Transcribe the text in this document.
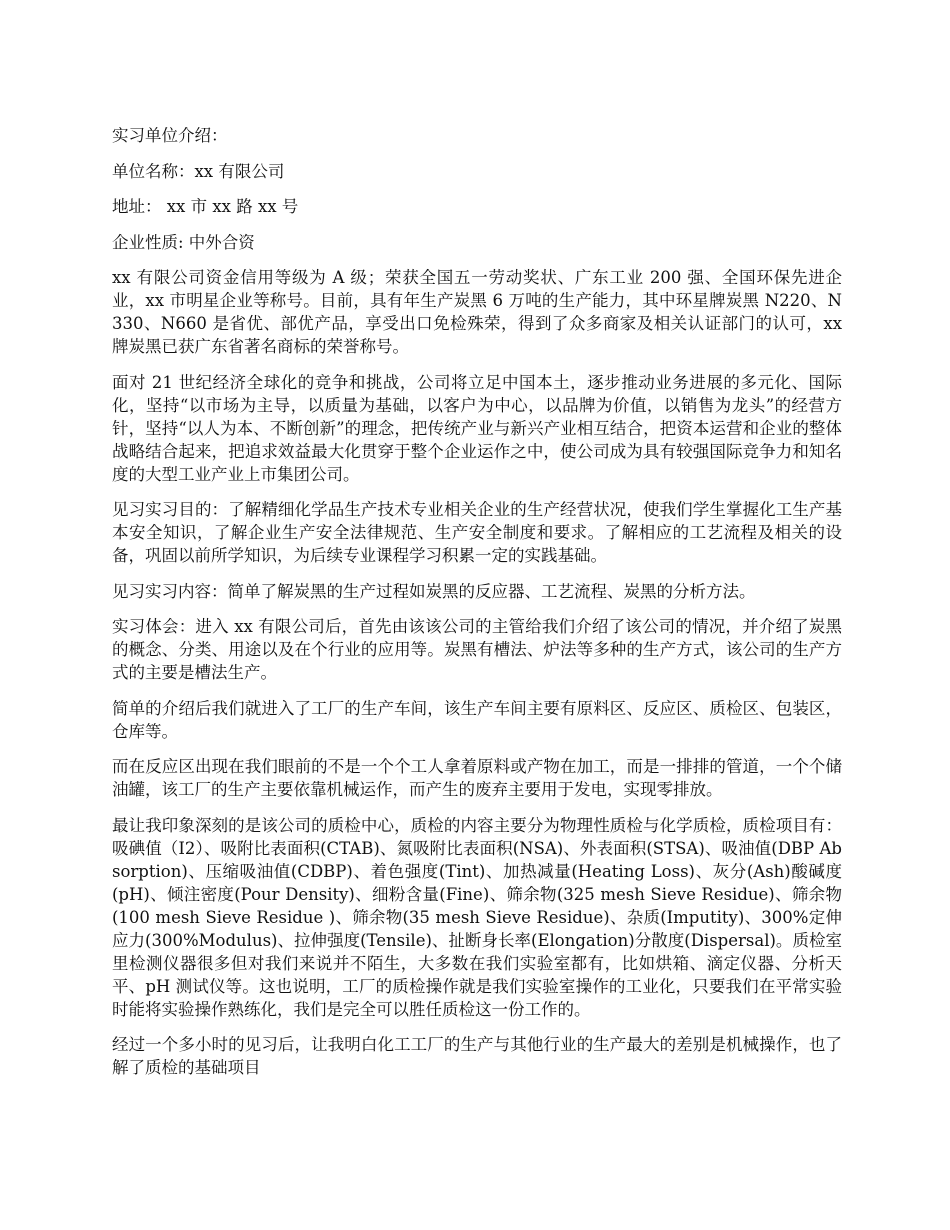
实习单位介绍：

单位名称：xx 有限公司

地址： xx 市 xx 路 xx 号

企业性质: 中外合资

xx 有限公司资金信用等级为 A 级；荣获全国五一劳动奖状、广东工业 200 强、全国环保先进企业，xx 市明星企业等称号。目前，具有年生产炭黑 6 万吨的生产能力，其中环星牌炭黑 N220、N330、N660 是省优、部优产品，享受出口免检殊荣，得到了众多商家及相关认证部门的认可，xx 牌炭黑已获广东省著名商标的荣誉称号。

面对 21 世纪经济全球化的竞争和挑战，公司将立足中国本土，逐步推动业务进展的多元化、国际化，坚持“以市场为主导，以质量为基础，以客户为中心，以品牌为价值，以销售为龙头”的经营方针，坚持“以人为本、不断创新”的理念，把传统产业与新兴产业相互结合，把资本运营和企业的整体战略结合起来，把追求效益最大化贯穿于整个企业运作之中，使公司成为具有较强国际竞争力和知名度的大型工业产业上市集团公司。

见习实习目的：了解精细化学品生产技术专业相关企业的生产经营状况，使我们学生掌握化工生产基本安全知识，了解企业生产安全法律规范、生产安全制度和要求。了解相应的工艺流程及相关的设备，巩固以前所学知识，为后续专业课程学习积累一定的实践基础。

见习实习内容：简单了解炭黑的生产过程如炭黑的反应器、工艺流程、炭黑的分析方法。

实习体会：进入 xx 有限公司后，首先由该该公司的主管给我们介绍了该公司的情况，并介绍了炭黑的概念、分类、用途以及在个行业的应用等。炭黑有槽法、炉法等多种的生产方式，该公司的生产方式的主要是槽法生产。

简单的介绍后我们就进入了工厂的生产车间，该生产车间主要有原料区、反应区、质检区、包装区，仓库等。

而在反应区出现在我们眼前的不是一个个工人拿着原料或产物在加工，而是一排排的管道，一个个储油罐，该工厂的生产主要依靠机械运作，而产生的废弃主要用于发电，实现零排放。

最让我印象深刻的是该公司的质检中心，质检的内容主要分为物理性质检与化学质检，质检项目有：吸碘值（I2）、吸附比表面积(CTAB)、氮吸附比表面积(NSA)、外表面积(STSA)、吸油值(DBP Absorption)、压缩吸油值(CDBP)、着色强度(Tint)、加热减量(Heating Loss)、灰分(Ash)酸碱度(pH)、倾注密度(Pour Density)、细粉含量(Fine)、筛余物(325 mesh Sieve Residue)、筛余物(100 mesh Sieve Residue )、筛余物(35 mesh Sieve Residue)、杂质(Imputity)、300%定伸应力(300%Modulus)、拉伸强度(Tensile)、扯断身长率(Elongation)分散度(Dispersal)。质检室里检测仪器很多但对我们来说并不陌生，大多数在我们实验室都有，比如烘箱、滴定仪器、分析天平、pH 测试仪等。这也说明，工厂的质检操作就是我们实验室操作的工业化，只要我们在平常实验时能将实验操作熟练化，我们是完全可以胜任质检这一份工作的。

经过一个多小时的见习后，让我明白化工工厂的生产与其他行业的生产最大的差别是机械操作，也了解了质检的基础项目
